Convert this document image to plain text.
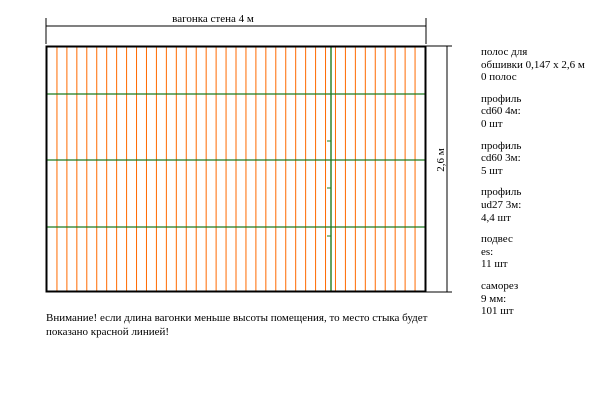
вагонка стена 4 м
2,6 м
полос для
обшивки 0,147 x 2,6 м
0 полос
профиль
cd60 4м:
0 шт
профиль
cd60 3м:
5 шт
профиль
ud27 3м:
4,4 шт
подвес
es:
11 шт
саморез
9 мм:
101 шт
Внимание! если длина вагонки меньше высоты помещения, то место стыка будет показано красной линией!
